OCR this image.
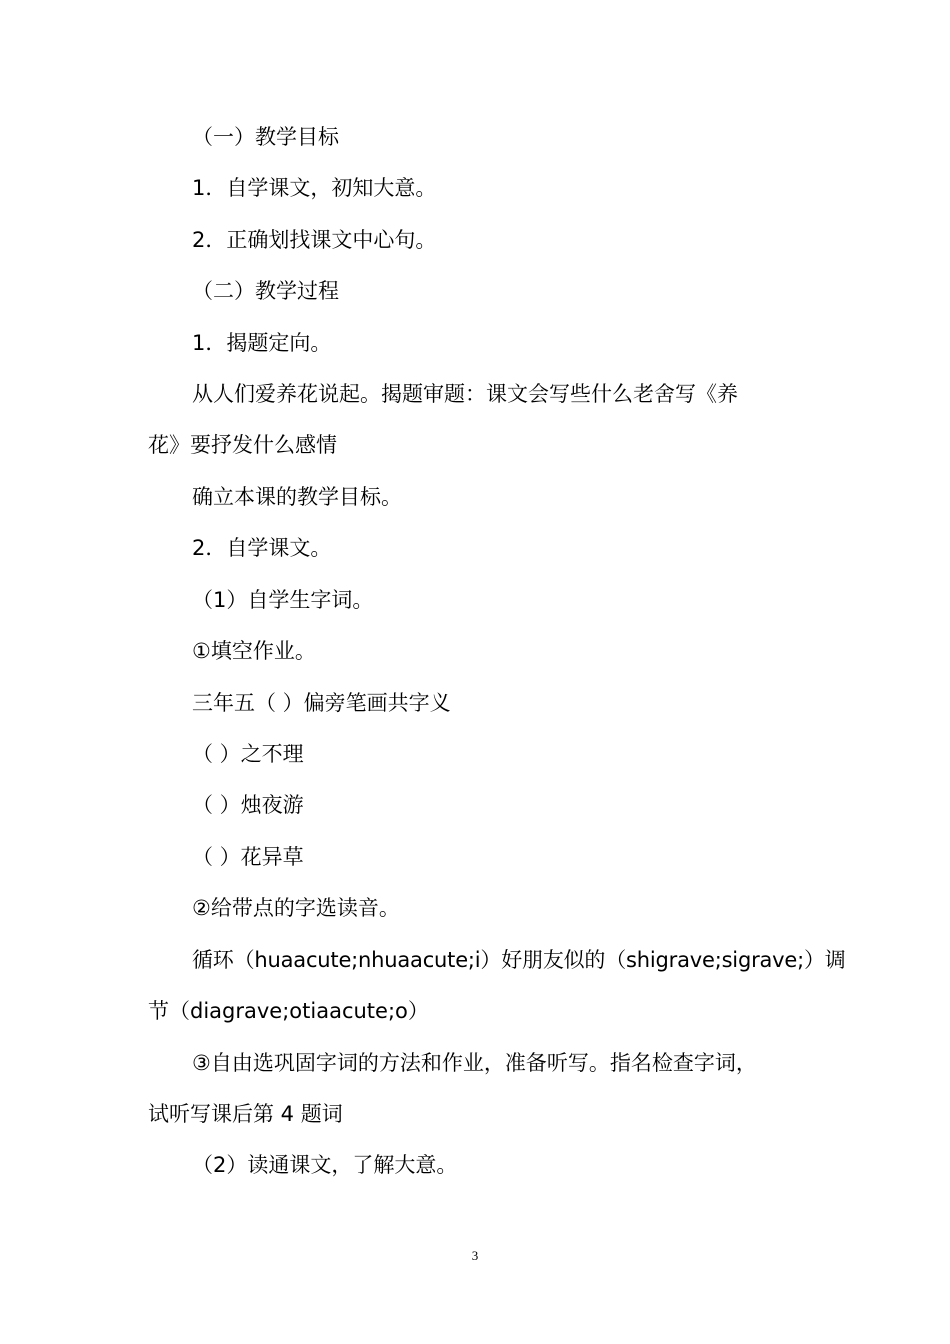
（一）教学目标

1．自学课文，初知大意。

2．正确划找课文中心句。

（二）教学过程

1．揭题定向。

从人们爱养花说起。揭题审题：课文会写些什么老舍写《养

花》要抒发什么感情

确立本课的教学目标。

2．自学课文。

（1）自学生字词。

①填空作业。

三年五（ ）偏旁笔画共字义

（ ）之不理

（ ）烛夜游

（ ）花异草

②给带点的字选读音。

循环（huaacute;nhuaacute;i）好朋友似的（shigrave;sigrave;）调

节（diagrave;otiaacute;o）

③自由选巩固字词的方法和作业，准备听写。指名检查字词，

试听写课后第 4 题词

（2）读通课文，了解大意。

3
